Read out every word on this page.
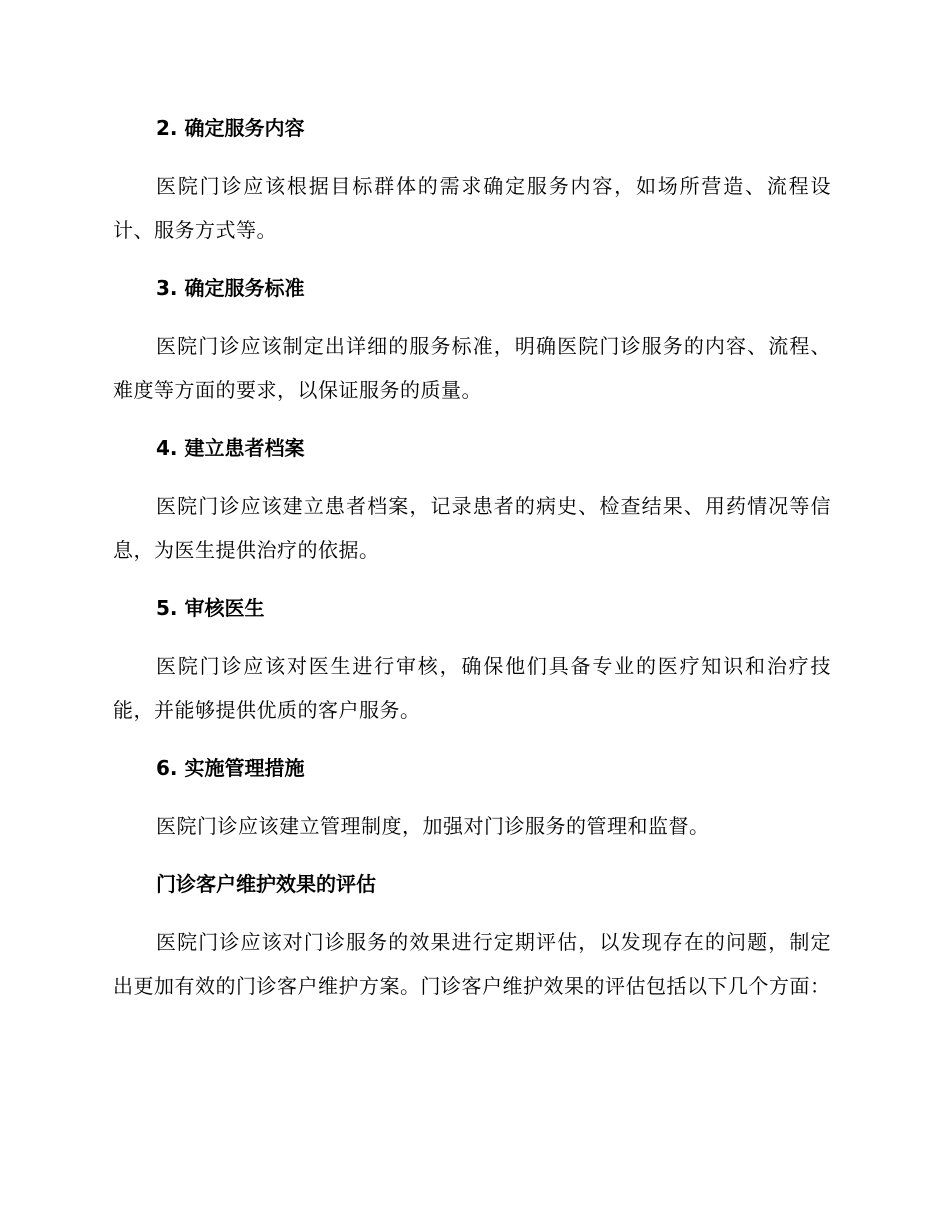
2. 确定服务内容

医院门诊应该根据目标群体的需求确定服务内容，如场所营造、流程设计、服务方式等。

3. 确定服务标准

医院门诊应该制定出详细的服务标准，明确医院门诊服务的内容、流程、难度等方面的要求，以保证服务的质量。

4. 建立患者档案

医院门诊应该建立患者档案，记录患者的病史、检查结果、用药情况等信息，为医生提供治疗的依据。

5. 审核医生

医院门诊应该对医生进行审核，确保他们具备专业的医疗知识和治疗技能，并能够提供优质的客户服务。

6. 实施管理措施

医院门诊应该建立管理制度，加强对门诊服务的管理和监督。

门诊客户维护效果的评估

医院门诊应该对门诊服务的效果进行定期评估，以发现存在的问题，制定出更加有效的门诊客户维护方案。门诊客户维护效果的评估包括以下几个方面：
